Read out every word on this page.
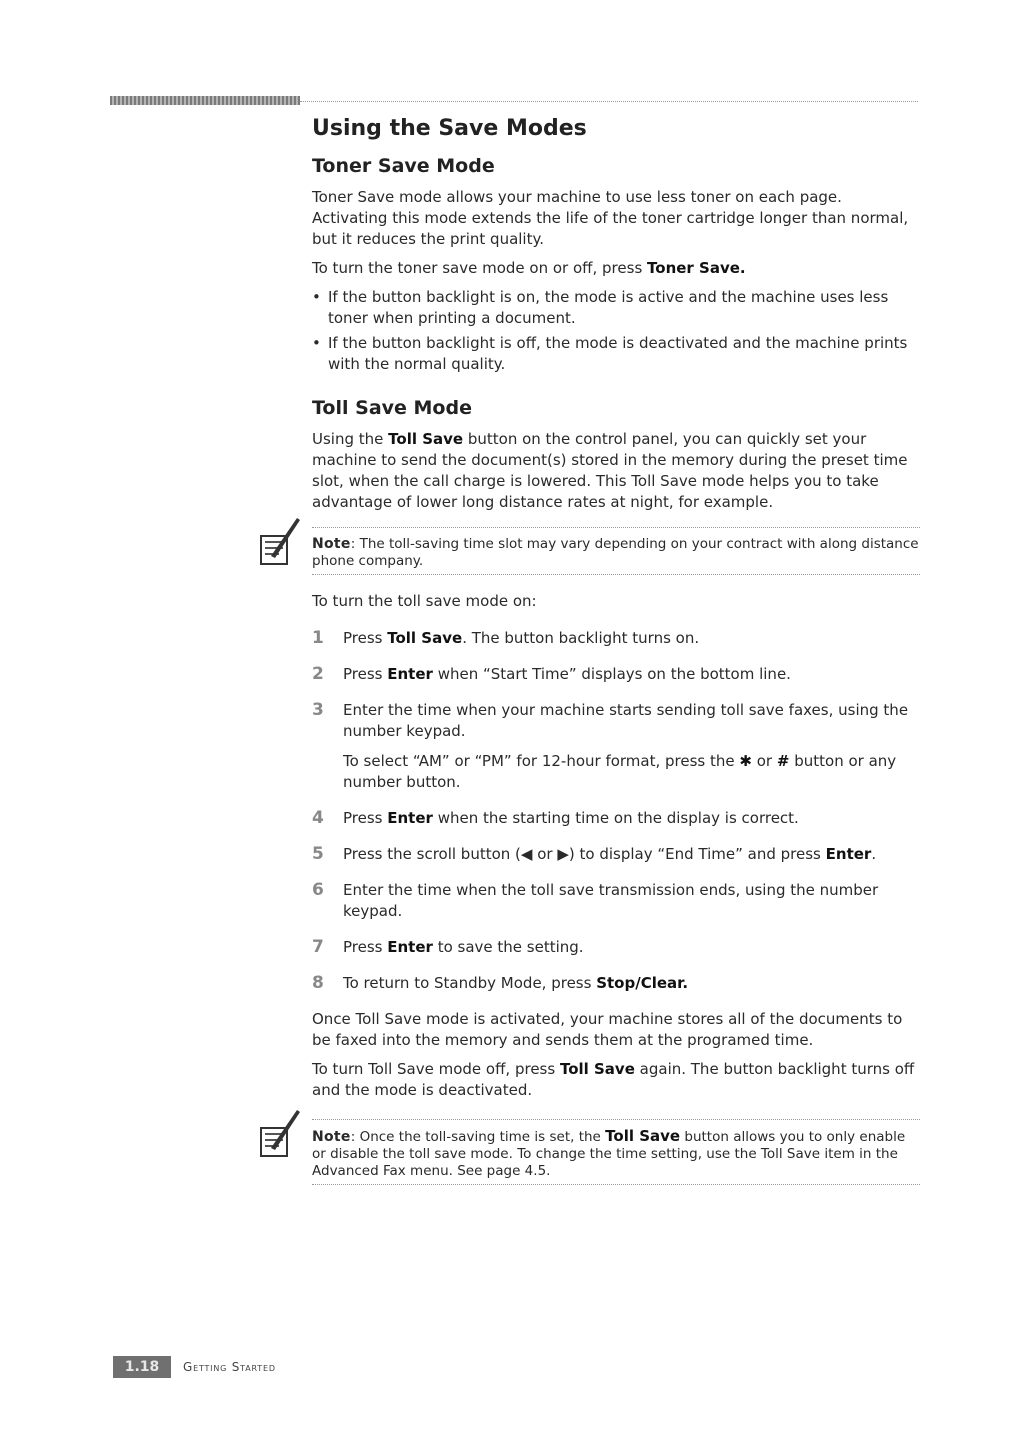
Using the Save Modes
Toner Save Mode

Toner Save mode allows your machine to use less toner on each page. Activating this mode extends the life of the toner cartridge longer than normal, but it reduces the print quality.

To turn the toner save mode on or off, press Toner Save.

• If the button backlight is on, the mode is active and the machine uses less toner when printing a document.
• If the button backlight is off, the mode is deactivated and the machine prints with the normal quality.
Toll Save Mode

Using the Toll Save button on the control panel, you can quickly set your machine to send the document(s) stored in the memory during the preset time slot, when the call charge is lowered. This Toll Save mode helps you to take advantage of lower long distance rates at night, for example.

Note: The toll-saving time slot may vary depending on your contract with along distance phone company.

To turn the toll save mode on:

1 Press Toll Save. The button backlight turns on.

2 Press Enter when “Start Time” displays on the bottom line.

3 Enter the time when your machine starts sending toll save faxes, using the number keypad.

To select “AM” or “PM” for 12-hour format, press the ✱ or # button or any number button.

4 Press Enter when the starting time on the display is correct.

5 Press the scroll button (◀ or ▶) to display “End Time” and press Enter.

6 Enter the time when the toll save transmission ends, using the number keypad.

7 Press Enter to save the setting.

8 To return to Standby Mode, press Stop/Clear.

Once Toll Save mode is activated, your machine stores all of the documents to be faxed into the memory and sends them at the programed time.

To turn Toll Save mode off, press Toll Save again. The button backlight turns off and the mode is deactivated.

Note: Once the toll-saving time is set, the Toll Save button allows you to only enable or disable the toll save mode. To change the time setting, use the Toll Save item in the Advanced Fax menu. See page 4.5.

1.18	Getting Started
